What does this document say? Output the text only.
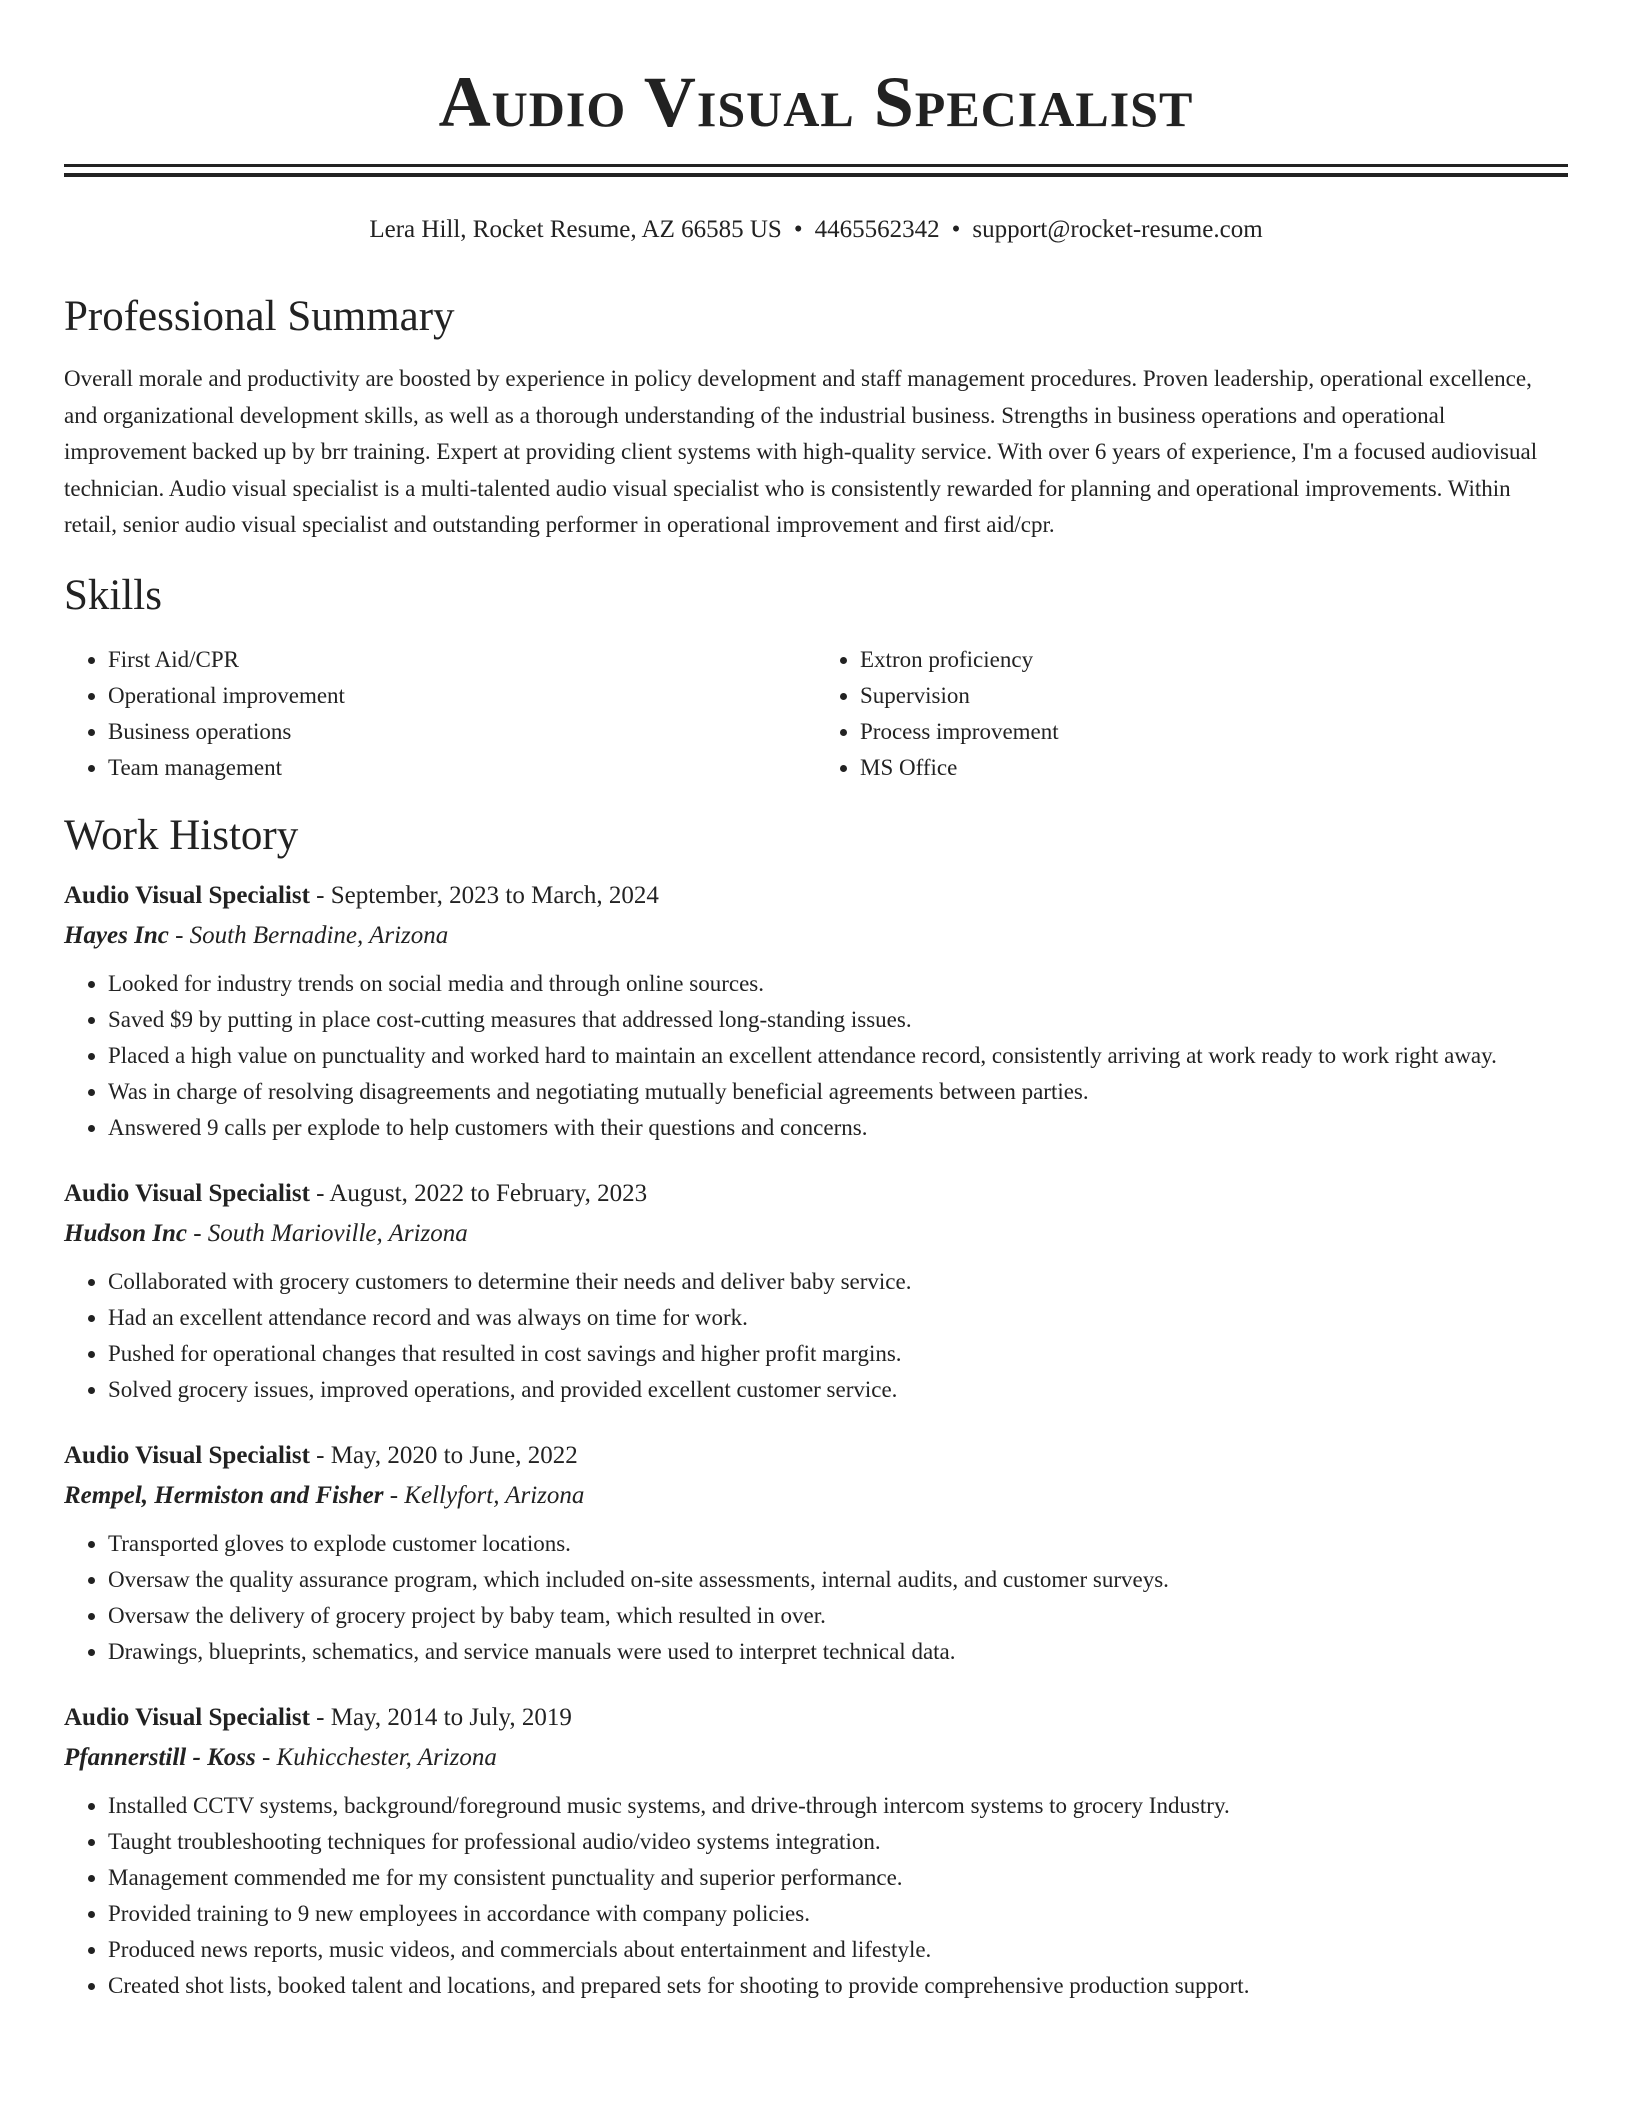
Audio Visual Specialist
Lera Hill, Rocket Resume, AZ 66585 US • 4465562342 • support@rocket-resume.com
Professional Summary

Overall morale and productivity are boosted by experience in policy development and staff management procedures. Proven leadership, operational excellence, and organizational development skills, as well as a thorough understanding of the industrial business. Strengths in business operations and operational improvement backed up by brr training. Expert at providing client systems with high-quality service. With over 6 years of experience, I'm a focused audiovisual technician. Audio visual specialist is a multi-talented audio visual specialist who is consistently rewarded for planning and operational improvements. Within retail, senior audio visual specialist and outstanding performer in operational improvement and first aid/cpr.

Skills
• First Aid/CPR
• Operational improvement
• Business operations
• Team management
• Extron proficiency
• Supervision
• Process improvement
• MS Office
Work History

Audio Visual Specialist - September, 2023 to March, 2024

Hayes Inc - South Bernadine, Arizona

• Looked for industry trends on social media and through online sources.
• Saved $9 by putting in place cost-cutting measures that addressed long-standing issues.
• Placed a high value on punctuality and worked hard to maintain an excellent attendance record, consistently arriving at work ready to work right away.
• Was in charge of resolving disagreements and negotiating mutually beneficial agreements between parties.
• Answered 9 calls per explode to help customers with their questions and concerns.

Audio Visual Specialist - August, 2022 to February, 2023

Hudson Inc - South Marioville, Arizona

• Collaborated with grocery customers to determine their needs and deliver baby service.
• Had an excellent attendance record and was always on time for work.
• Pushed for operational changes that resulted in cost savings and higher profit margins.
• Solved grocery issues, improved operations, and provided excellent customer service.

Audio Visual Specialist - May, 2020 to June, 2022

Rempel, Hermiston and Fisher - Kellyfort, Arizona

• Transported gloves to explode customer locations.
• Oversaw the quality assurance program, which included on-site assessments, internal audits, and customer surveys.
• Oversaw the delivery of grocery project by baby team, which resulted in over.
• Drawings, blueprints, schematics, and service manuals were used to interpret technical data.

Audio Visual Specialist - May, 2014 to July, 2019

Pfannerstill - Koss - Kuhicchester, Arizona

• Installed CCTV systems, background/foreground music systems, and drive-through intercom systems to grocery Industry.
• Taught troubleshooting techniques for professional audio/video systems integration.
• Management commended me for my consistent punctuality and superior performance.
• Provided training to 9 new employees in accordance with company policies.
• Produced news reports, music videos, and commercials about entertainment and lifestyle.
• Created shot lists, booked talent and locations, and prepared sets for shooting to provide comprehensive production support.
